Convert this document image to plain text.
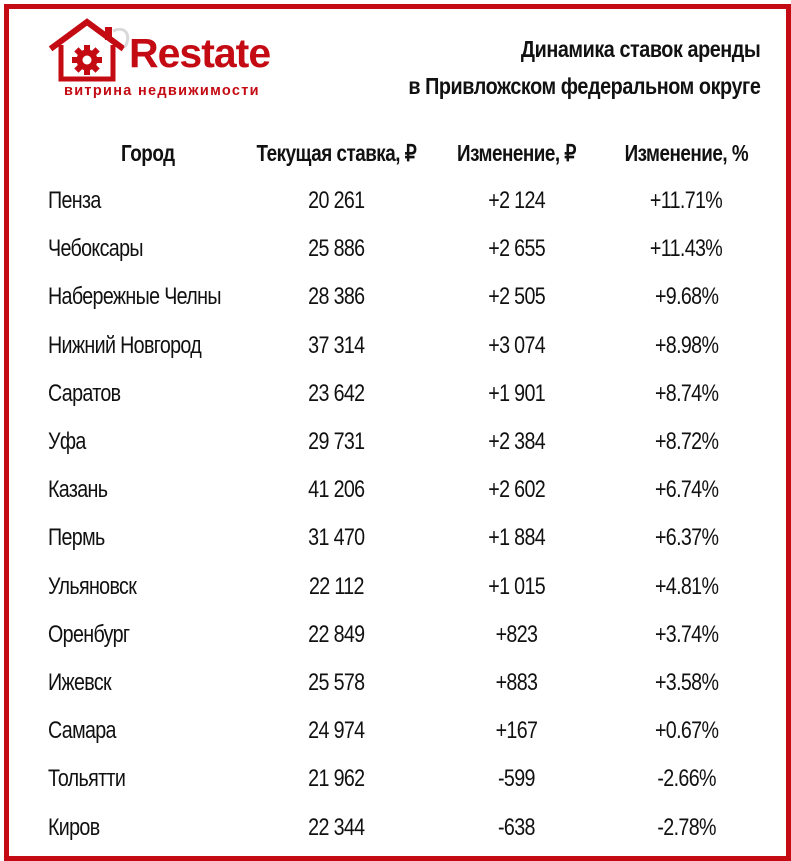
Restate
витрина недвижимости
Динамика ставок аренды
в Привложском федеральном округе
Город	Текущая ставка, ₽	Изменение, ₽	Изменение, %
Пенза	20 261	+2 124	+11.71%
Чебоксары	25 886	+2 655	+11.43%
Набережные Челны	28 386	+2 505	+9.68%
Нижний Новгород	37 314	+3 074	+8.98%
Саратов	23 642	+1 901	+8.74%
Уфа	29 731	+2 384	+8.72%
Казань	41 206	+2 602	+6.74%
Пермь	31 470	+1 884	+6.37%
Ульяновск	22 112	+1 015	+4.81%
Оренбург	22 849	+823	+3.74%
Ижевск	25 578	+883	+3.58%
Самара	24 974	+167	+0.67%
Тольятти	21 962	-599	-2.66%
Киров	22 344	-638	-2.78%
